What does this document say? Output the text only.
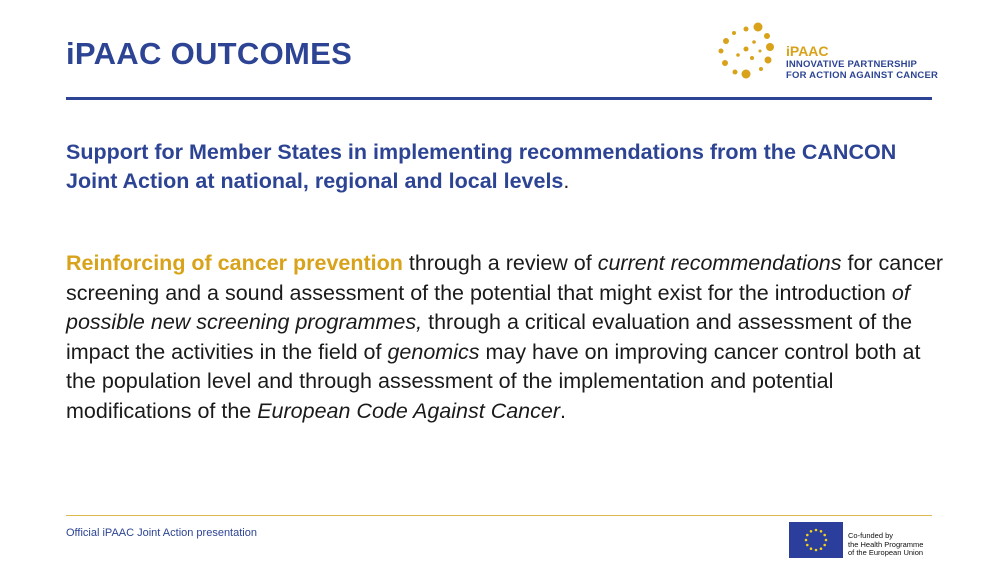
iPAAC OUTCOMES	iPAAC
INNOVATIVE PARTNERSHIP
FOR ACTION AGAINST CANCER
Support for Member States in implementing recommendations from the CANCON Joint Action at national, regional and local levels.
Reinforcing of cancer prevention through a review of current recommendations for cancer screening and a sound assessment of the potential that might exist for the introduction of possible new screening programmes, through a critical evaluation and assessment of the impact the activities in the field of genomics may have on improving cancer control both at the population level and through assessment of the implementation and potential modifications of the European Code Against Cancer.
Official iPAAC Joint Action presentation	Co-funded by
the Health Programme
of the European Union
